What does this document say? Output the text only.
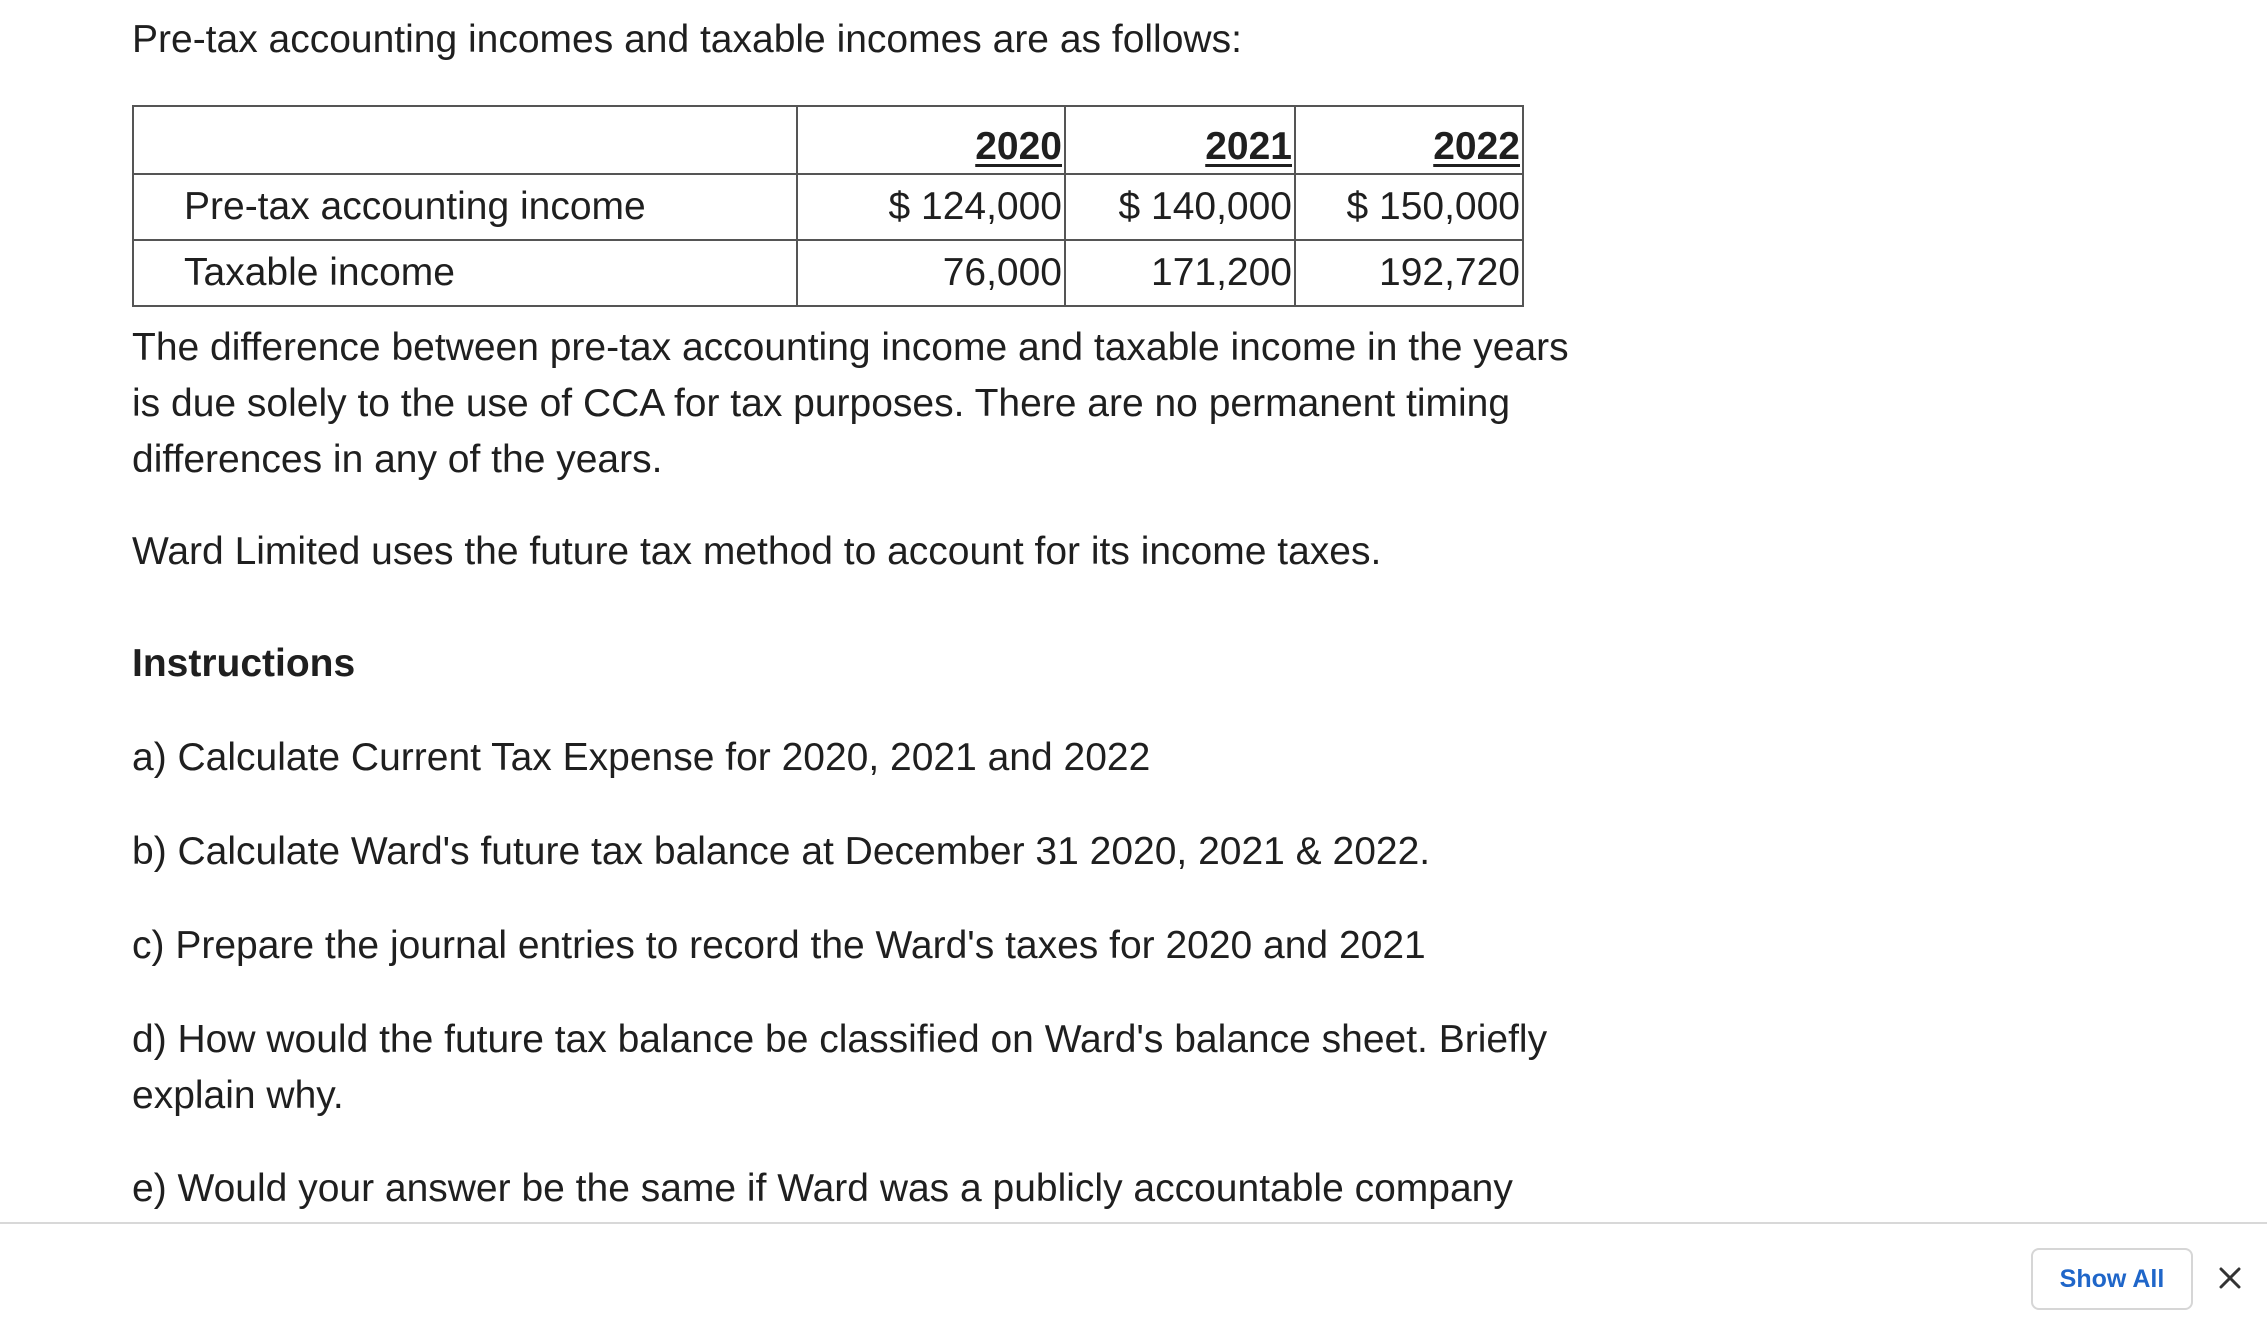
Pre-tax accounting incomes and taxable incomes are as follows:

	2020	2021	2022
Pre-tax accounting income	$ 124,000	$ 140,000	$ 150,000
Taxable income	76,000	171,200	192,720

The difference between pre-tax accounting income and taxable income in the years is due solely to the use of CCA for tax purposes. There are no permanent timing differences in any of the years.

Ward Limited uses the future tax method to account for its income taxes.

Instructions

a) Calculate Current Tax Expense for 2020, 2021 and 2022

b) Calculate Ward's future tax balance at December 31 2020, 2021 & 2022.

c) Prepare the journal entries to record the Ward's taxes for 2020 and 2021

d) How would the future tax balance be classified on Ward's balance sheet. Briefly explain why.

e) Would your answer be the same if Ward was a publicly accountable company

Show All
